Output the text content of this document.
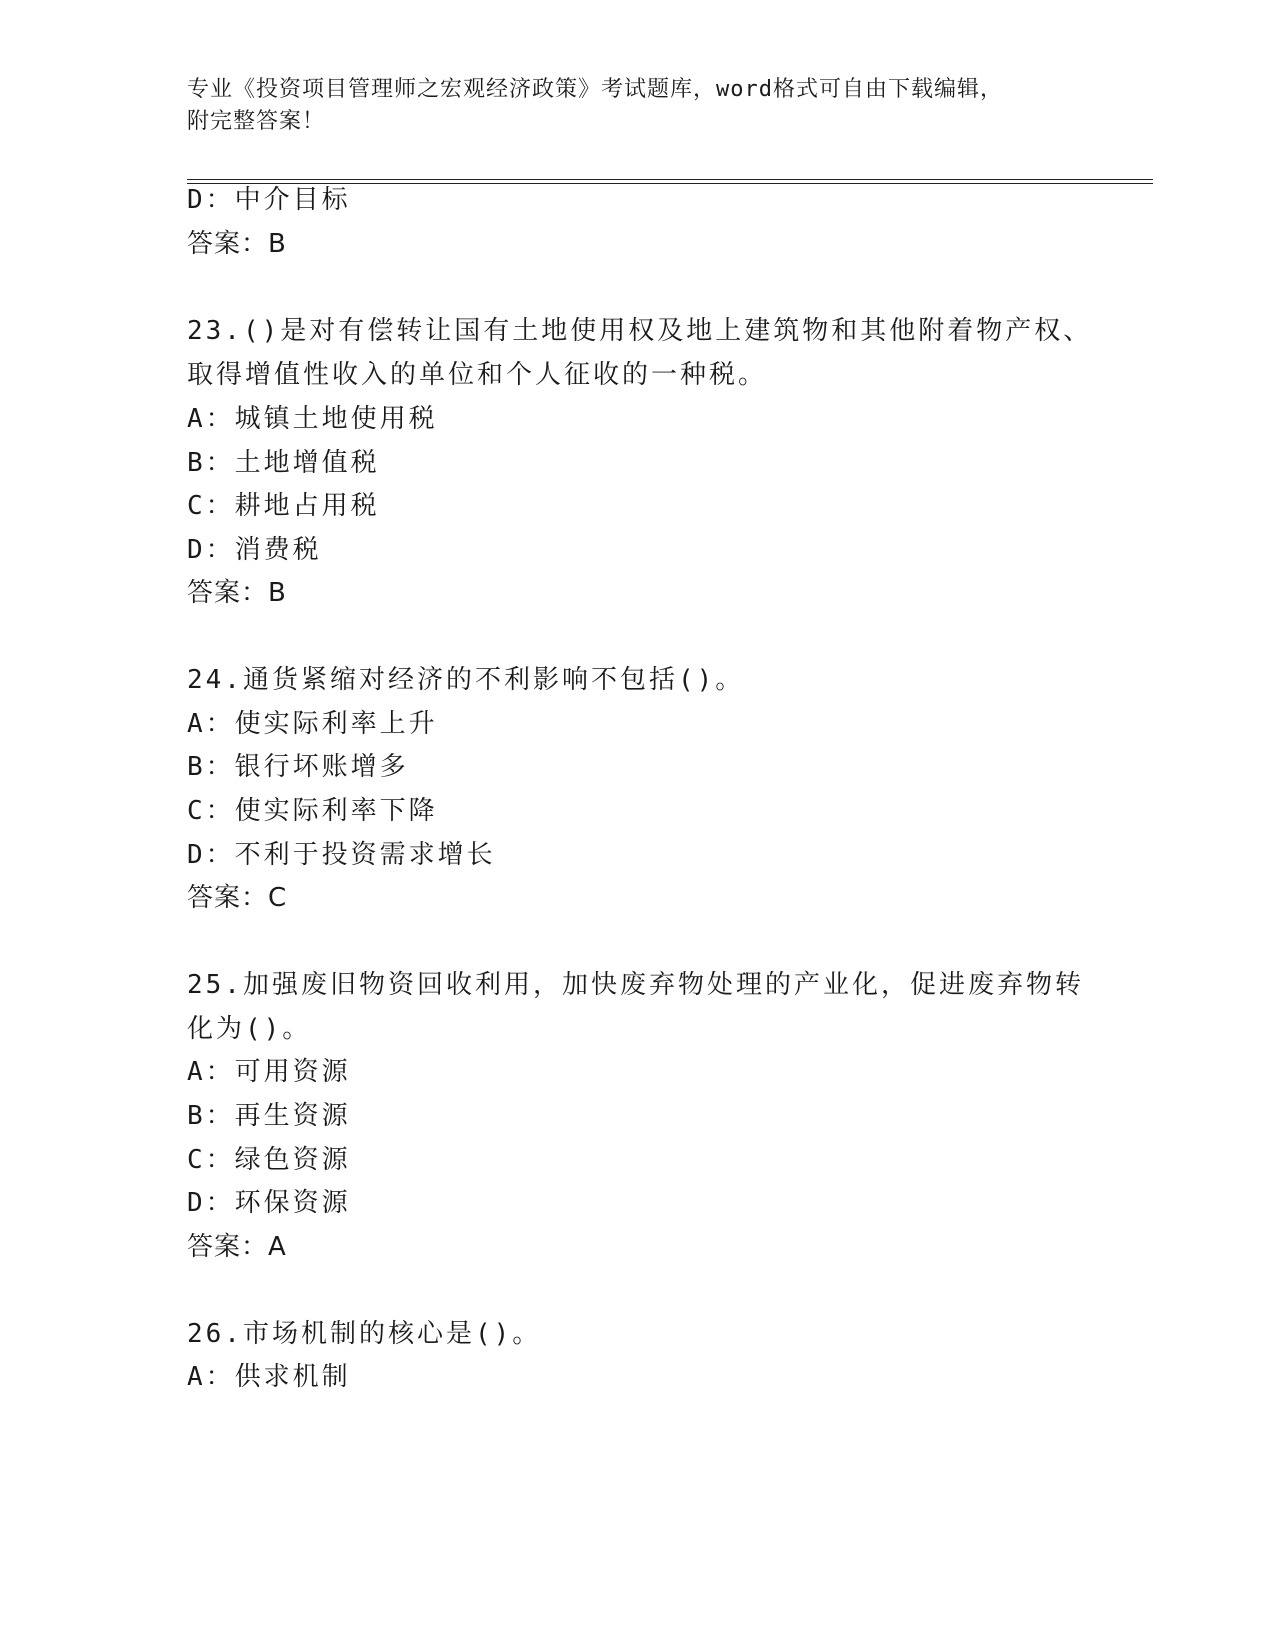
专业《投资项目管理师之宏观经济政策》考试题库，word格式可自由下载编辑，
附完整答案！
D：中介目标
答案：B
23.()是对有偿转让国有土地使用权及地上建筑物和其他附着物产权、
取得增值性收入的单位和个人征收的一种税。
A：城镇土地使用税
B：土地增值税
C：耕地占用税
D：消费税
答案：B
24.通货紧缩对经济的不利影响不包括()。
A：使实际利率上升
B：银行坏账增多
C：使实际利率下降
D：不利于投资需求增长
答案：C
25.加强废旧物资回收利用，加快废弃物处理的产业化，促进废弃物转
化为()。
A：可用资源
B：再生资源
C：绿色资源
D：环保资源
答案：A
26.市场机制的核心是()。
A：供求机制
